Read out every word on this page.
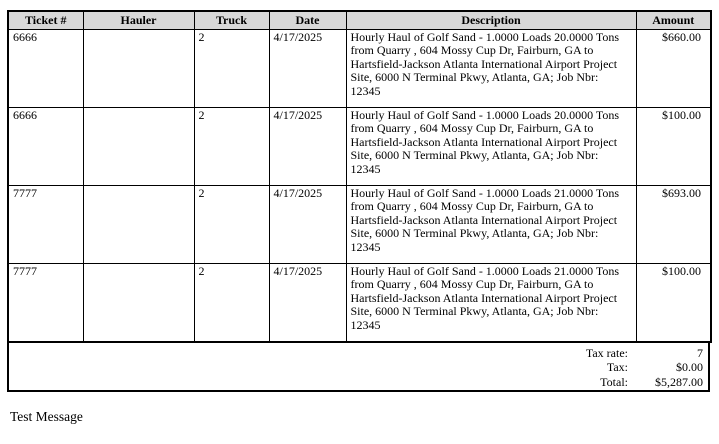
Ticket #	Hauler	Truck	Date	Description	Amount
6666		2	4/17/2025	Hourly Haul of Golf Sand - 1.0000 Loads 20.0000 Tons from Quarry , 604 Mossy Cup Dr, Fairburn, GA to Hartsfield-Jackson Atlanta International Airport Project Site, 6000 N Terminal Pkwy, Atlanta, GA; Job Nbr: 12345	$660.00
6666		2	4/17/2025	Hourly Haul of Golf Sand - 1.0000 Loads 20.0000 Tons from Quarry , 604 Mossy Cup Dr, Fairburn, GA to Hartsfield-Jackson Atlanta International Airport Project Site, 6000 N Terminal Pkwy, Atlanta, GA; Job Nbr: 12345	$100.00
7777		2	4/17/2025	Hourly Haul of Golf Sand - 1.0000 Loads 21.0000 Tons from Quarry , 604 Mossy Cup Dr, Fairburn, GA to Hartsfield-Jackson Atlanta International Airport Project Site, 6000 N Terminal Pkwy, Atlanta, GA; Job Nbr: 12345	$693.00
7777		2	4/17/2025	Hourly Haul of Golf Sand - 1.0000 Loads 21.0000 Tons from Quarry , 604 Mossy Cup Dr, Fairburn, GA to Hartsfield-Jackson Atlanta International Airport Project Site, 6000 N Terminal Pkwy, Atlanta, GA; Job Nbr: 12345	$100.00
Tax rate:	7
Tax:	$0.00
Total:	$5,287.00
Test Message
